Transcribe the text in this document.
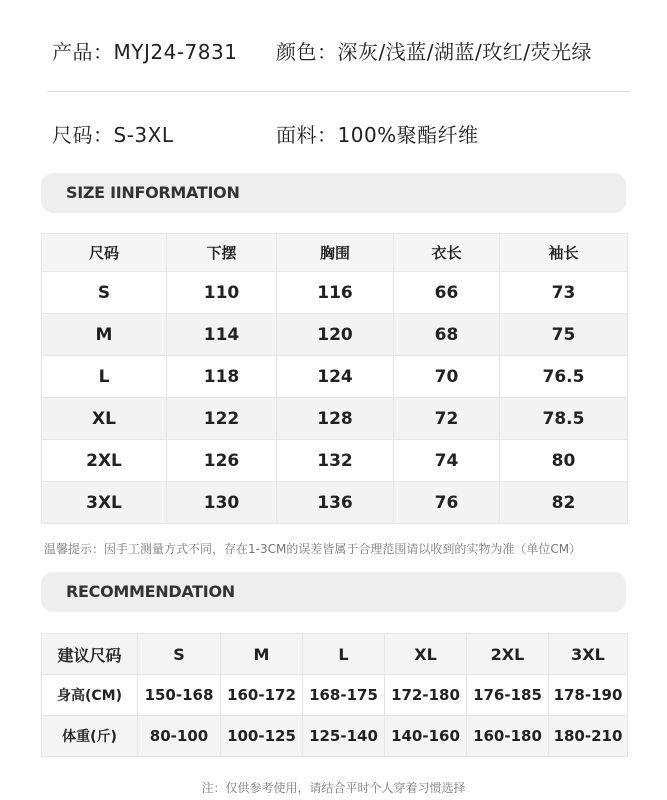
产品：MYJ24-7831 颜色：深灰/浅蓝/湖蓝/玫红/荧光绿
尺码：S-3XL	面料：100%聚酯纤维
SIZE IINFORMATION
尺码	下摆	胸围	衣长	袖长
S	110	116	66	73
M	114	120	68	75
L	118	124	70	76.5
XL	122	128	72	78.5
2XL	126	132	74	80
3XL	130	136	76	82
温馨提示：因手工测量方式不同，存在1-3CM的误差皆属于合理范围请以收到的实物为准（单位CM）
RECOMMENDATION
建议尺码	S	M	L	XL	2XL	3XL
身高(CM)	150-168	160-172	168-175	172-180	176-185	178-190
体重(斤)	80-100	100-125	125-140	140-160	160-180	180-210
注：仅供参考使用，请结合平时个人穿着习惯选择
